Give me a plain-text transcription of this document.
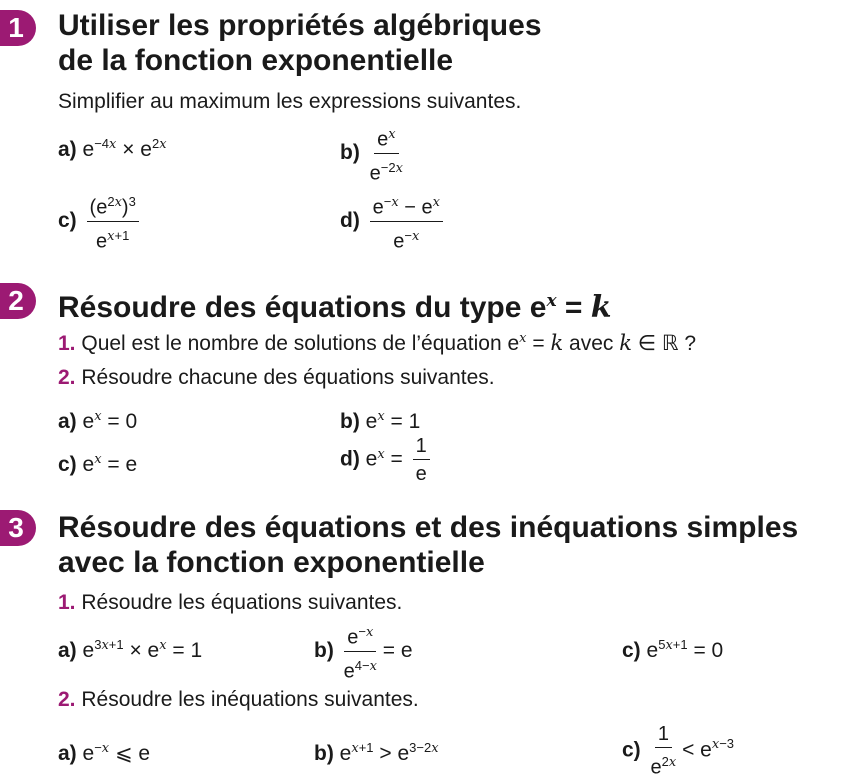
1	Utiliser les propriétés algébriques
de la fonction exponentielle
Simplifier au maximum les expressions suivantes.
a) $e^{-4x} \times e^{2x}$	$b) \frac{e^x}{e^{-2x}}$
$c) \frac{(e^{2x})^3}{e^{x+1}}$	$d) \frac{e^{-x} - e^x}{e^{-x}}$
2	Résoudre des équations du type $e^x = k$
1. Quel est le nombre de solutions de l’équation $e^x = k$ avec k ∈ ℝ ?
2. Résoudre chacune des équations suivantes.
a) $e^x = 0$	b) $e^x = 1$
c) $e^x = e$	d) $e^x = \frac{1}{e}$
3	Résoudre des équations et des inéquations simples
avec la fonction exponentielle
1. Résoudre les équations suivantes.
a) $e^{3x+1} \times e^x = 1$	$b) \frac{e^{-x}}{e^{4-x}} = e$	c) $e^{5x+1} = 0$
2. Résoudre les inéquations suivantes.
a) $e^{-x}$ ⩽ e	b) $e^{x+1} > e^{3-2x}$	$c) \frac{1}{e^{2x}} < e^{x-3}$
